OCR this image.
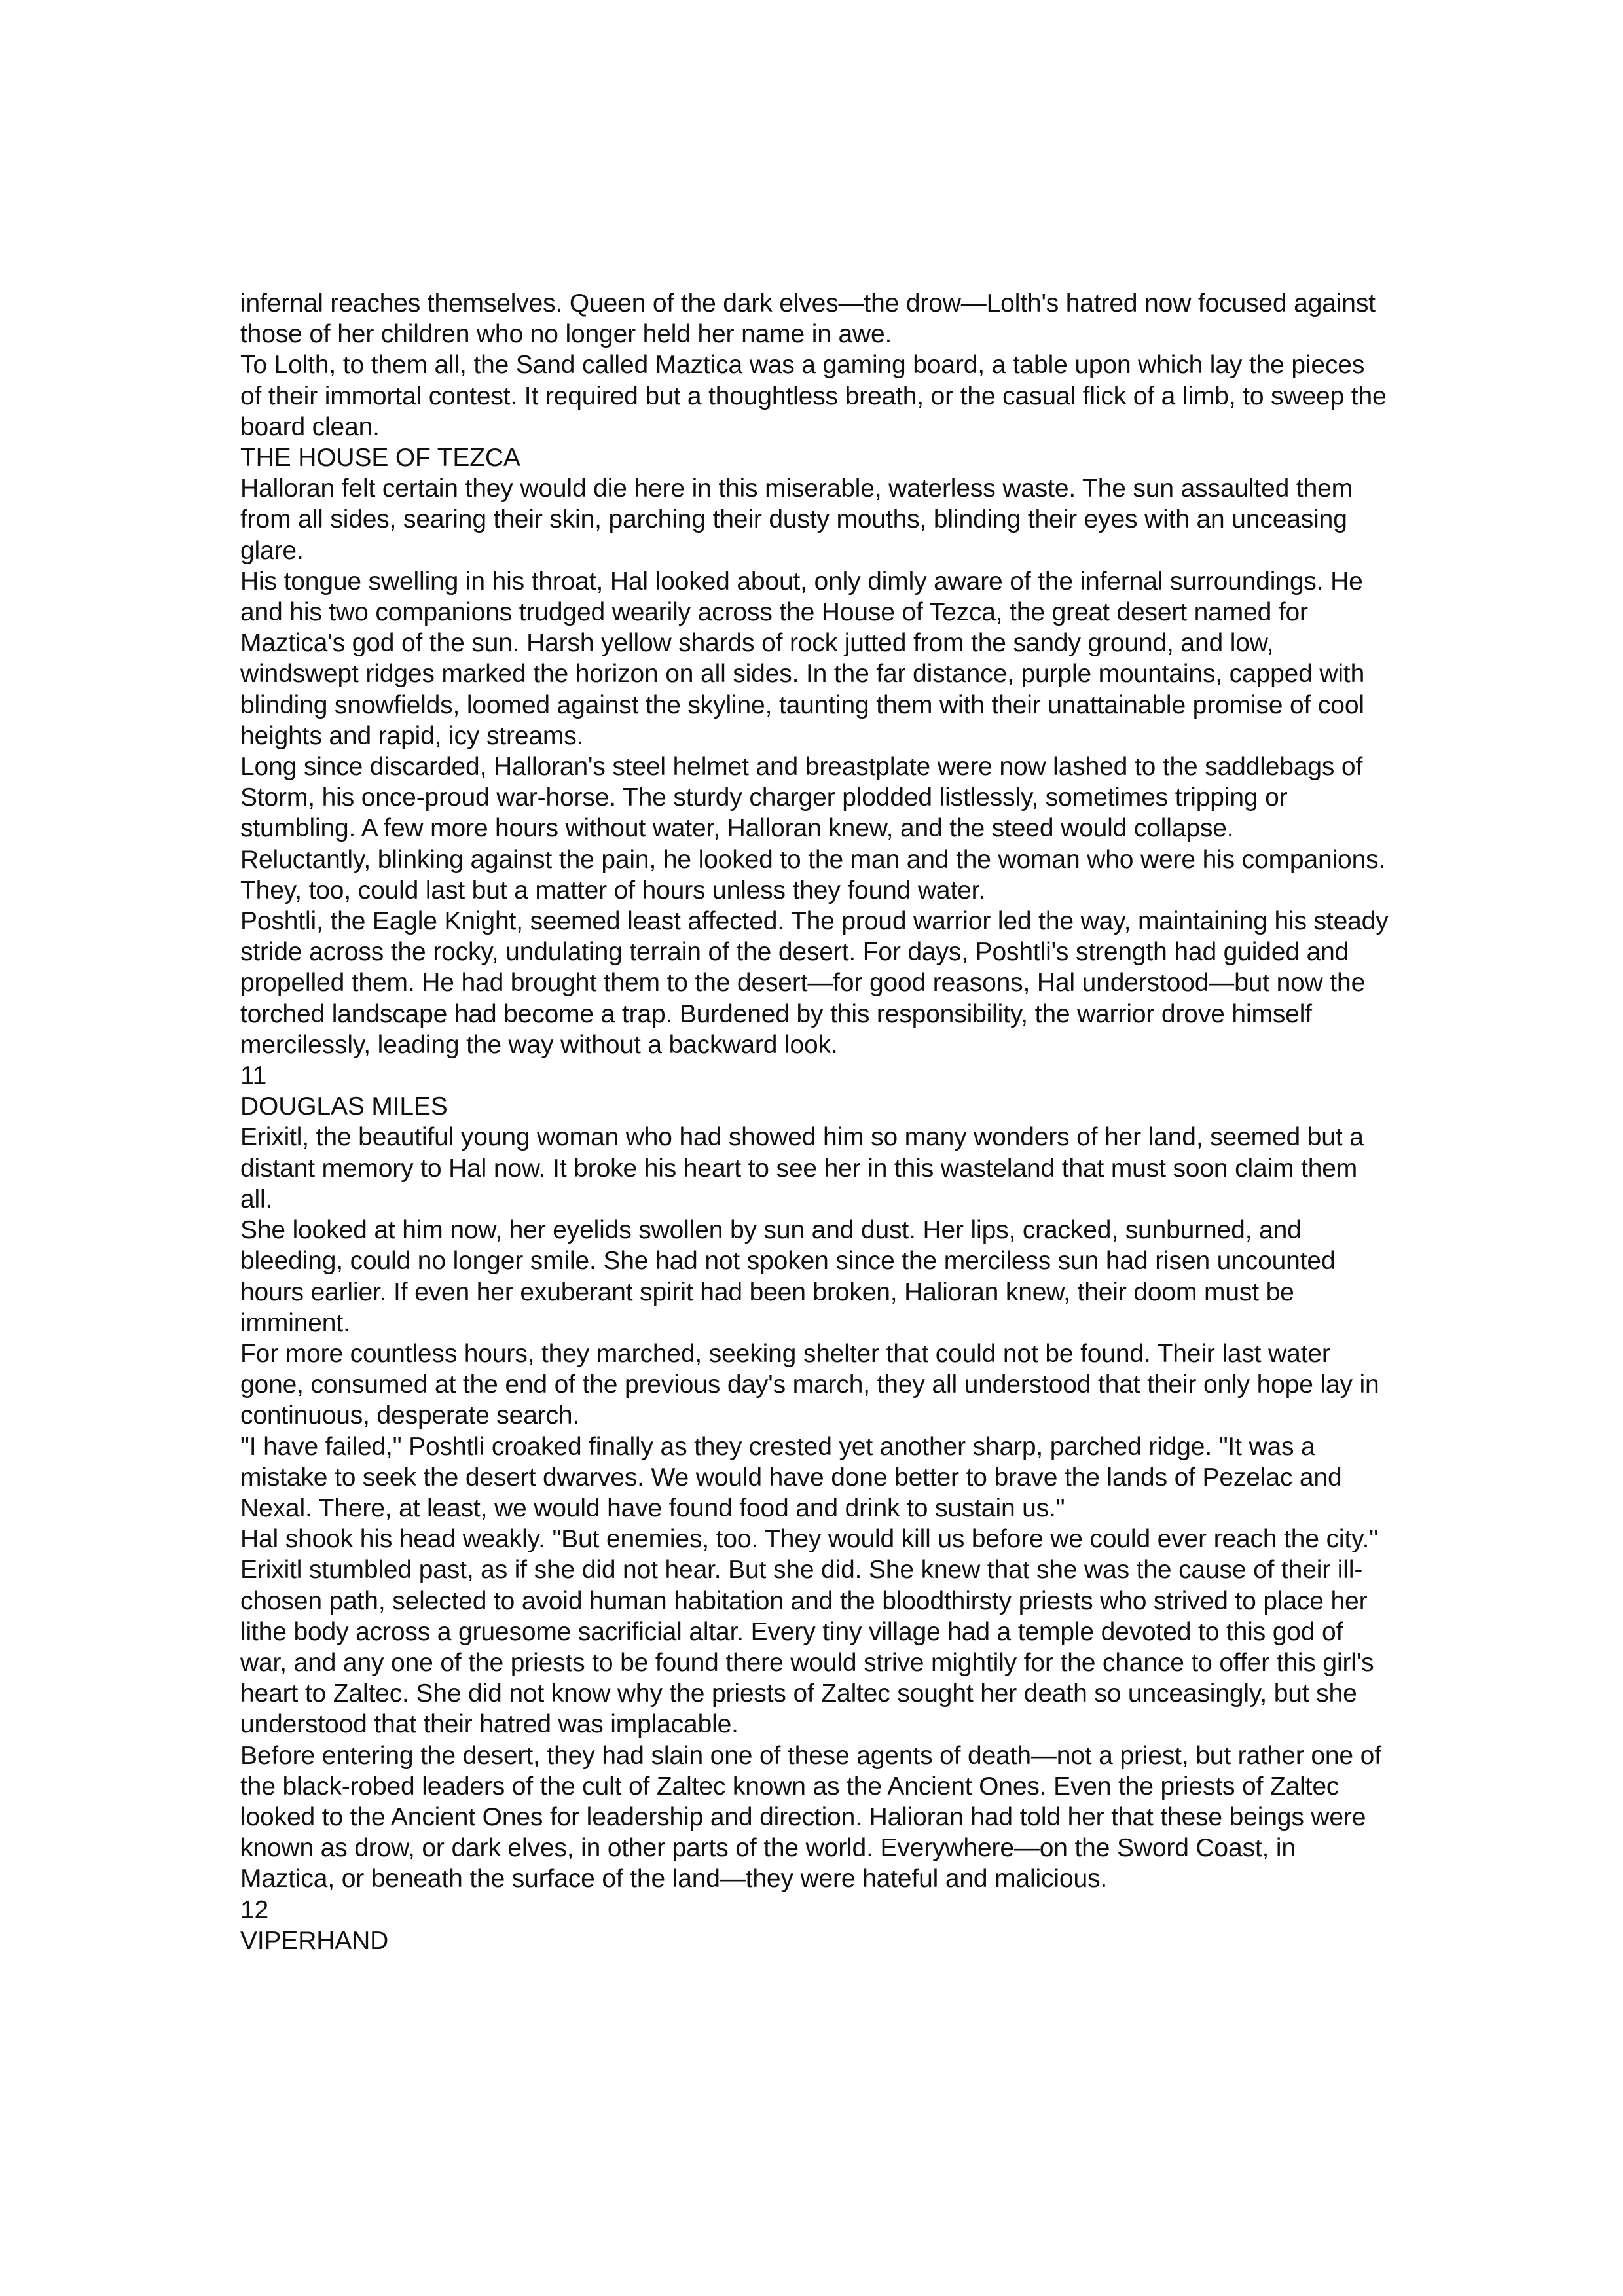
infernal reaches themselves. Queen of the dark elves—the drow—Lolth's hatred now focused against those of her children who no longer held her name in awe.

To Lolth, to them all, the Sand called Maztica was a gaming board, a table upon which lay the pieces of their immortal contest. It required but a thoughtless breath, or the casual flick of a limb, to sweep the board clean.

THE HOUSE OF TEZCA

Halloran felt certain they would die here in this miserable, waterless waste. The sun assaulted them from all sides, searing their skin, parching their dusty mouths, blinding their eyes with an unceasing glare.

His tongue swelling in his throat, Hal looked about, only dimly aware of the infernal surroundings. He and his two companions trudged wearily across the House of Tezca, the great desert named for Maztica's god of the sun. Harsh yellow shards of rock jutted from the sandy ground, and low, windswept ridges marked the horizon on all sides. In the far distance, purple mountains, capped with blinding snowfields, loomed against the skyline, taunting them with their unattainable promise of cool heights and rapid, icy streams.

Long since discarded, Halloran's steel helmet and breastplate were now lashed to the saddlebags of Storm, his once-proud war-horse. The sturdy charger plodded listlessly, sometimes tripping or stumbling. A few more hours without water, Halloran knew, and the steed would collapse.

Reluctantly, blinking against the pain, he looked to the man and the woman who were his companions. They, too, could last but a matter of hours unless they found water.

Poshtli, the Eagle Knight, seemed least affected. The proud warrior led the way, maintaining his steady stride across the rocky, undulating terrain of the desert. For days, Poshtli's strength had guided and propelled them. He had brought them to the desert—for good reasons, Hal understood—but now the torched landscape had become a trap. Burdened by this responsibility, the warrior drove himself mercilessly, leading the way without a backward look.

11

DOUGLAS MILES

Erixitl, the beautiful young woman who had showed him so many wonders of her land, seemed but a distant memory to Hal now. It broke his heart to see her in this wasteland that must soon claim them all.

She looked at him now, her eyelids swollen by sun and dust. Her lips, cracked, sunburned, and bleeding, could no longer smile. She had not spoken since the merciless sun had risen uncounted hours earlier. If even her exuberant spirit had been broken, Halioran knew, their doom must be imminent.

For more countless hours, they marched, seeking shelter that could not be found. Their last water gone, consumed at the end of the previous day's march, they all understood that their only hope lay in continuous, desperate search.

"I have failed," Poshtli croaked finally as they crested yet another sharp, parched ridge. "It was a mistake to seek the desert dwarves. We would have done better to brave the lands of Pezelac and Nexal. There, at least, we would have found food and drink to sustain us."

Hal shook his head weakly. "But enemies, too. They would kill us before we could ever reach the city."

Erixitl stumbled past, as if she did not hear. But she did. She knew that she was the cause of their ill-chosen path, selected to avoid human habitation and the bloodthirsty priests who strived to place her lithe body across a gruesome sacrificial altar. Every tiny village had a temple devoted to this god of war, and any one of the priests to be found there would strive mightily for the chance to offer this girl's heart to Zaltec. She did not know why the priests of Zaltec sought her death so unceasingly, but she understood that their hatred was implacable.

Before entering the desert, they had slain one of these agents of death—not a priest, but rather one of the black-robed leaders of the cult of Zaltec known as the Ancient Ones. Even the priests of Zaltec looked to the Ancient Ones for leadership and direction. Halioran had told her that these beings were known as drow, or dark elves, in other parts of the world. Everywhere—on the Sword Coast, in Maztica, or beneath the surface of the land—they were hateful and malicious.

12

VIPERHAND
